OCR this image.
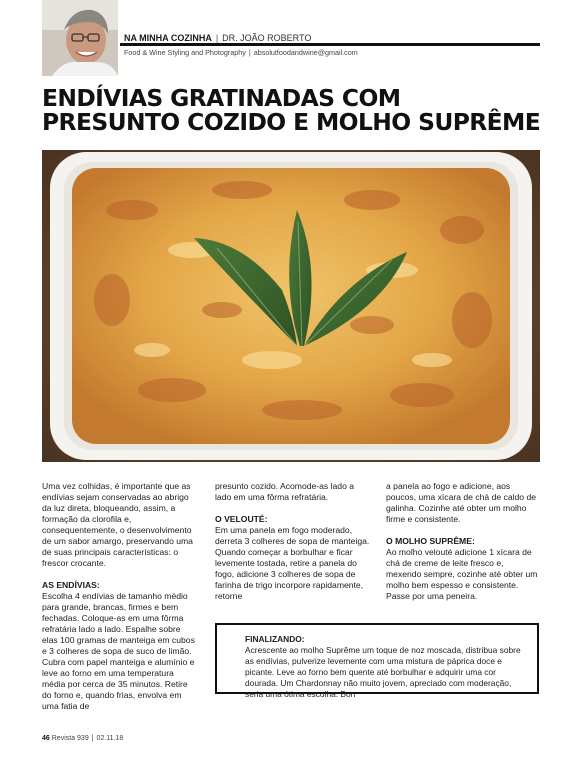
NA MINHA COZINHA | DR. JOÃO ROBERTO
Food & Wine Styling and Photography | absolutfoodandwine@gmail.com
ENDÍVIAS GRATINADAS COM
PRESUNTO COZIDO E MOLHO SUPRÊME

Uma vez colhidas, é importante que as endívias sejam conservadas ao abrigo da luz direta, bloqueando, assim, a formação da clorofila e, consequentemente, o desenvolvimento de um sabor amargo, preservando uma de suas principais características: o frescor crocante.

AS ENDÍVIAS:

Escolha 4 endívias de tamanho médio para grande, brancas, firmes e bem fechadas. Coloque-as em uma fôrma refratária lado a lado. Espalhe sobre elas 100 gramas de manteiga em cubos e 3 colheres de sopa de suco de limão. Cubra com papel manteiga e alumínio e leve ao forno em uma temperatura média por cerca de 35 minutos. Retire do forno e, quando frias, envolva em uma fatia de

presunto cozido. Acomode-as lado a lado em uma fôrma refratária.

O VELOUTÉ:

Em uma panela em fogo moderado, derreta 3 colheres de sopa de manteiga. Quando começar a borbulhar e ficar levemente tostada, retire a panela do fogo, adicione 3 colheres de sopa de farinha de trigo incorpore rapidamente, retorne

a panela ao fogo e adicione, aos poucos, uma xícara de chá de caldo de galinha. Cozinhe até obter um molho firme e consistente.

O MOLHO SUPRÊME:

Ao molho velouté adicione 1 xícara de chá de creme de leite fresco e, mexendo sempre, cozinhe até obter um molho bem espesso e consistente. Passe por uma peneira.

FINALIZANDO:

Acrescente ao molho Suprême um toque de noz moscada, distribua sobre as endívias, pulverize levemente com uma mistura de páprica doce e picante. Leve ao forno bem quente até borbulhar e adquirir uma cor dourada. Um Chardonnay não muito jovem, apreciado com moderação, seria uma ótima escolha. Bon

46 Revista 939 | 02.11.18
